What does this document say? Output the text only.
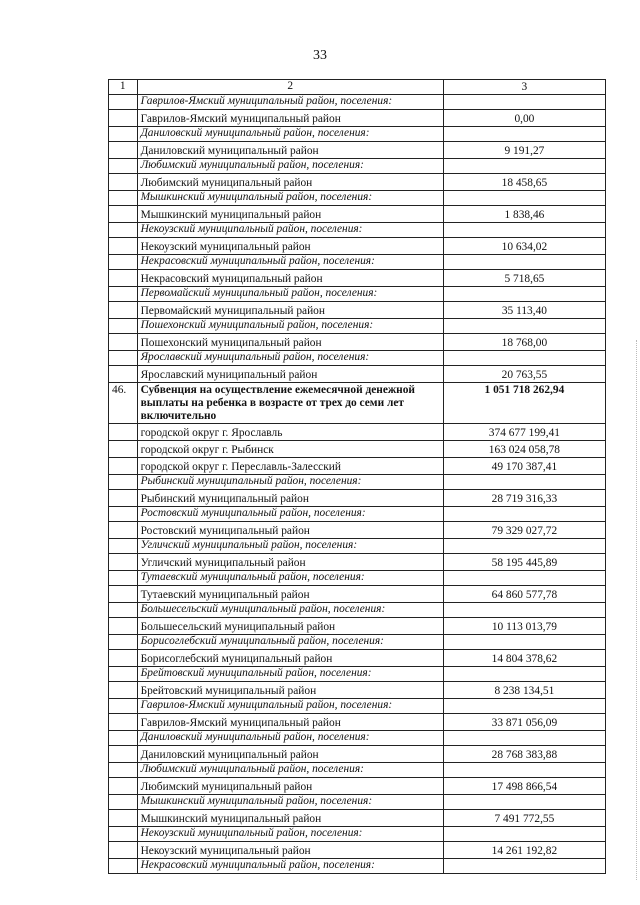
33
1	2	3
	Гаврилов-Ямский муниципальный район, поселения:	
	Гаврилов-Ямский муниципальный район	0,00
	Даниловский муниципальный район, поселения:	
	Даниловский муниципальный район	9 191,27
	Любимский муниципальный район, поселения:	
	Любимский муниципальный район	18 458,65
	Мышкинский муниципальный район, поселения:	
	Мышкинский муниципальный район	1 838,46
	Некоузский муниципальный район, поселения:	
	Некоузский муниципальный район	10 634,02
	Некрасовский муниципальный район, поселения:	
	Некрасовский муниципальный район	5 718,65
	Первомайский муниципальный район, поселения:	
	Первомайский муниципальный район	35 113,40
	Пошехонский муниципальный район, поселения:	
	Пошехонский муниципальный район	18 768,00
	Ярославский муниципальный район, поселения:	
	Ярославский муниципальный район	20 763,55
46.	Субвенция на осуществление ежемесячной денежной выплаты на ребенка в возрасте от трех до семи лет включительно	1 051 718 262,94
	городской округ г. Ярославль	374 677 199,41
	городской округ г. Рыбинск	163 024 058,78
	городской округ г. Переславль-Залесский	49 170 387,41
	Рыбинский муниципальный район, поселения:	
	Рыбинский муниципальный район	28 719 316,33
	Ростовский муниципальный район, поселения:	
	Ростовский муниципальный район	79 329 027,72
	Угличский муниципальный район, поселения:	
	Угличский муниципальный район	58 195 445,89
	Тутаевский муниципальный район, поселения:	
	Тутаевский муниципальный район	64 860 577,78
	Большесельский муниципальный район, поселения:	
	Большесельский муниципальный район	10 113 013,79
	Борисоглебский муниципальный район, поселения:	
	Борисоглебский муниципальный район	14 804 378,62
	Брейтовский муниципальный район, поселения:	
	Брейтовский муниципальный район	8 238 134,51
	Гаврилов-Ямский муниципальный район, поселения:	
	Гаврилов-Ямский муниципальный район	33 871 056,09
	Даниловский муниципальный район, поселения:	
	Даниловский муниципальный район	28 768 383,88
	Любимский муниципальный район, поселения:	
	Любимский муниципальный район	17 498 866,54
	Мышкинский муниципальный район, поселения:	
	Мышкинский муниципальный район	7 491 772,55
	Некоузский муниципальный район, поселения:	
	Некоузский муниципальный район	14 261 192,82
	Некрасовский муниципальный район, поселения:	
